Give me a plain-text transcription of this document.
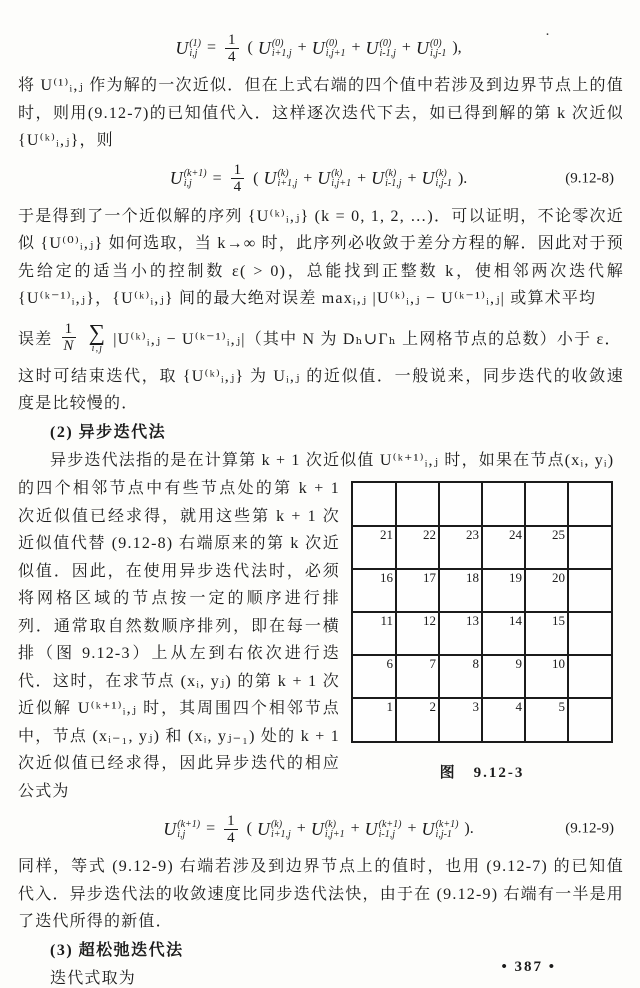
U (1)
$i,j = \frac{1}{4}$ ( U (0)
i+1,j + U (0)
i,j+1 + U (0)
i-1,j + U (0)
i,j-1 ),
·
将 U⁽¹⁾ᵢ,ⱼ 作为解的一次近似．但在上式右端的四个值中若涉及到边界节点上的值时，则用(9.12-7)的已知值代入．这样逐次迭代下去，如已得到解的第 k 次近似 {U⁽ᵏ⁾ᵢ,ⱼ}，则
U (k+1)
i,j	= $\frac{1}{4}$ ( U (k)
i+1,j + U (k)
i,j+1 + U (k)
i-1,j + U (k)
i,j-1 ).	(9.12-8)
于是得到了一个近似解的序列 {U⁽ᵏ⁾ᵢ,ⱼ} (k = 0, 1, 2, …)．可以证明，不论零次近似 {U⁽⁰⁾ᵢ,ⱼ} 如何选取，当 k→∞ 时，此序列必收敛于差分方程的解．因此对于预先给定的适当小的控制数 ε( > 0)，总能找到正整数 k，使相邻两次迭代解 {U⁽ᵏ⁻¹⁾ᵢ,ⱼ}，{U⁽ᵏ⁾ᵢ,ⱼ} 间的最大绝对误差 maxᵢ,ⱼ |U⁽ᵏ⁾ᵢ,ⱼ − U⁽ᵏ⁻¹⁾ᵢ,ⱼ| 或算术平均
误差 $\frac{1}{N}$ ∑
i,j
|U⁽ᵏ⁾ᵢ,ⱼ − U⁽ᵏ⁻¹⁾ᵢ,ⱼ|（其中 N 为 Dₕ∪Γₕ 上网格节点的总数）小于 ε．
这时可结束迭代，取 {U⁽ᵏ⁾ᵢ,ⱼ} 为 Uᵢ,ⱼ 的近似值．一般说来，同步迭代的收敛速度是比较慢的．
(2) 异步迭代法
异步迭代法指的是在计算第 k + 1 次近似值 U⁽ᵏ⁺¹⁾ᵢ,ⱼ 时，如果在节点(xᵢ, yᵢ)
的四个相邻节点中有些节点处的第 k + 1 次近似值已经求得，就用这些第 k + 1 次近似值代替 (9.12-8) 右端原来的第 k 次近似值．因此，在使用异步迭代法时，必须将网格区域的节点按一定的顺序进行排列．通常取自然数顺序排列，即在每一横排（图 9.12-3）上从左到右依次进行迭代．这时，在求节点 (xᵢ, yⱼ) 的第 k + 1 次近似解 U⁽ᵏ⁺¹⁾ᵢ,ⱼ 时，其周围四个相邻节点中，节点 (xᵢ₋₁, yⱼ) 和 (xᵢ, yⱼ₋₁) 处的 k + 1 次近似值已经求得，因此异步迭代的相应公式为
21	22	23	24	25
16	17	18	19	20
11	12	13	14	15
6	7	8	9	10
1	2	3	4	5
图　9.12-3
U (k+1)
i,j	= $\frac{1}{4}$ ( U (k)
i+1,j + U (k)
i,j+1 + U (k+1)
i-1,j + U (k+1)
i,j-1 ).	(9.12-9)
同样，等式 (9.12-9) 右端若涉及到边界节点上的值时，也用 (9.12-7) 的已知值代入．异步迭代法的收敛速度比同步迭代法快，由于在 (9.12-9) 右端有一半是用了迭代所得的新值．
(3) 超松弛迭代法
迭代式取为
• 387 •
